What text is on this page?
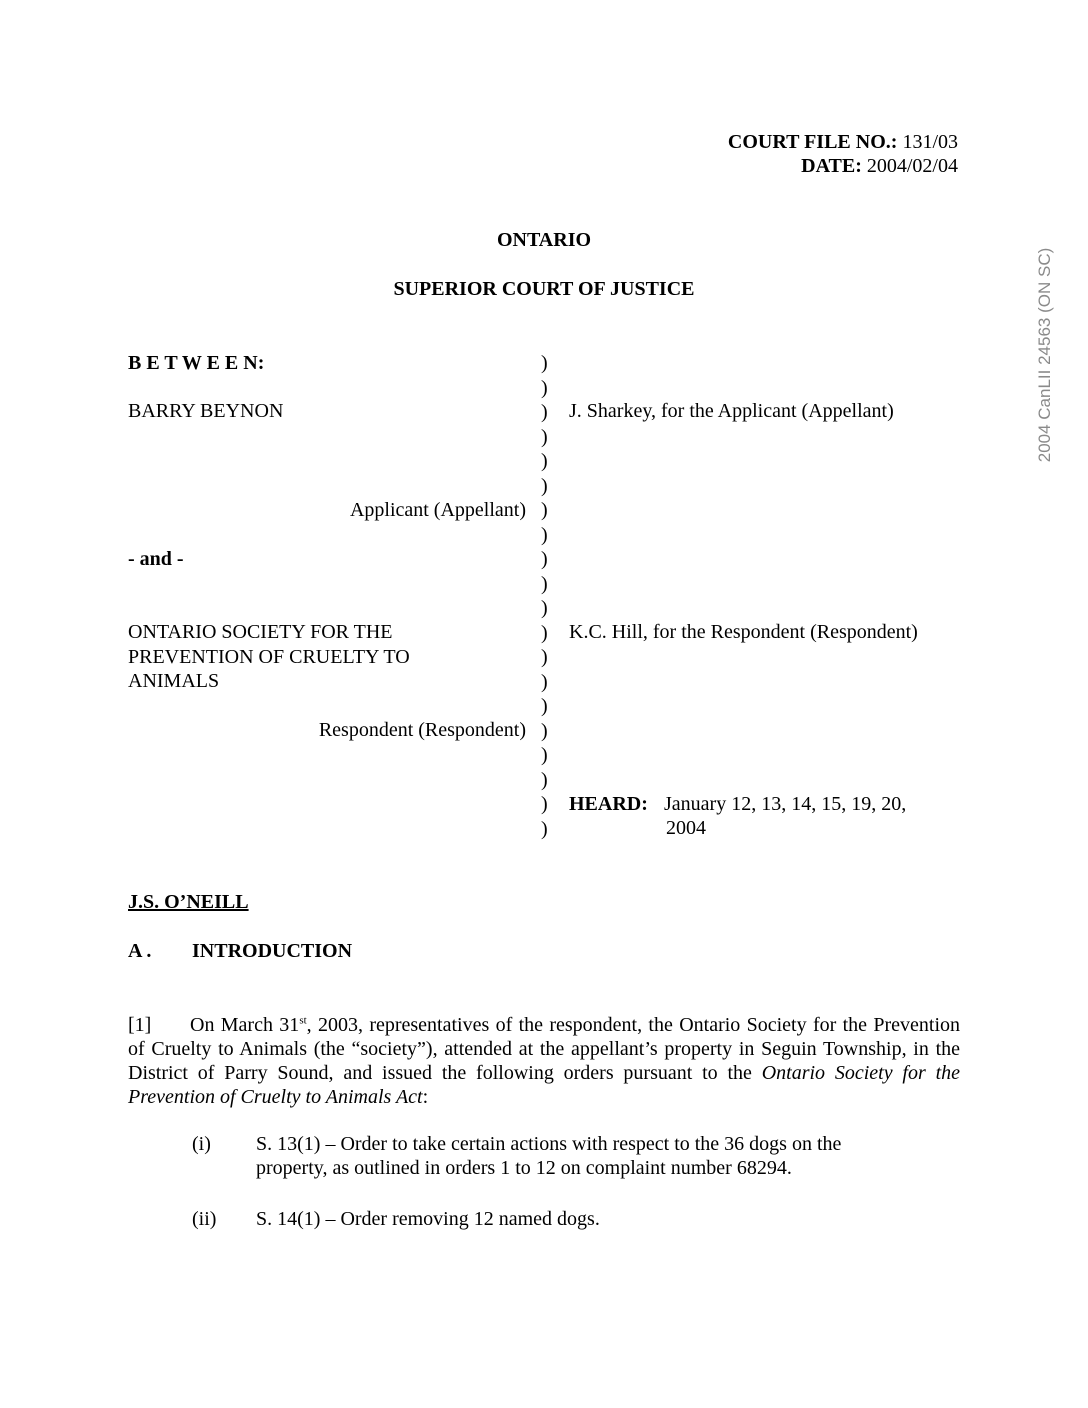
COURT FILE NO.: 131/03
DATE: 2004/02/04
2004 CanLII 24563 (ON SC)
ONTARIO
SUPERIOR COURT OF JUSTICE
B E T W E E N:
BARRY BEYNON
Applicant (Appellant)
- and -
ONTARIO SOCIETY FOR THE
PREVENTION OF CRUELTY TO
ANIMALS
Respondent (Respondent)
)
)
)
)
)
)
)
)
)
)
)
)
)
)
)
)
)
)
)
)
J. Sharkey, for the Applicant (Appellant)
K.C. Hill, for the Respondent (Respondent)
HEARD: January 12, 13, 14, 15, 19, 20,
2004
J.S. O’NEILL
A . INTRODUCTION
[1] On March 31st, 2003, representatives of the respondent, the Ontario Society for the Prevention of Cruelty to Animals (the “society”), attended at the appellant’s property in Seguin Township, in the District of Parry Sound, and issued the following orders pursuant to the Ontario Society for the Prevention of Cruelty to Animals Act:
(i) S. 13(1) – Order to take certain actions with respect to the 36 dogs on the property, as outlined in orders 1 to 12 on complaint number 68294.
(ii) S. 14(1) – Order removing 12 named dogs.
